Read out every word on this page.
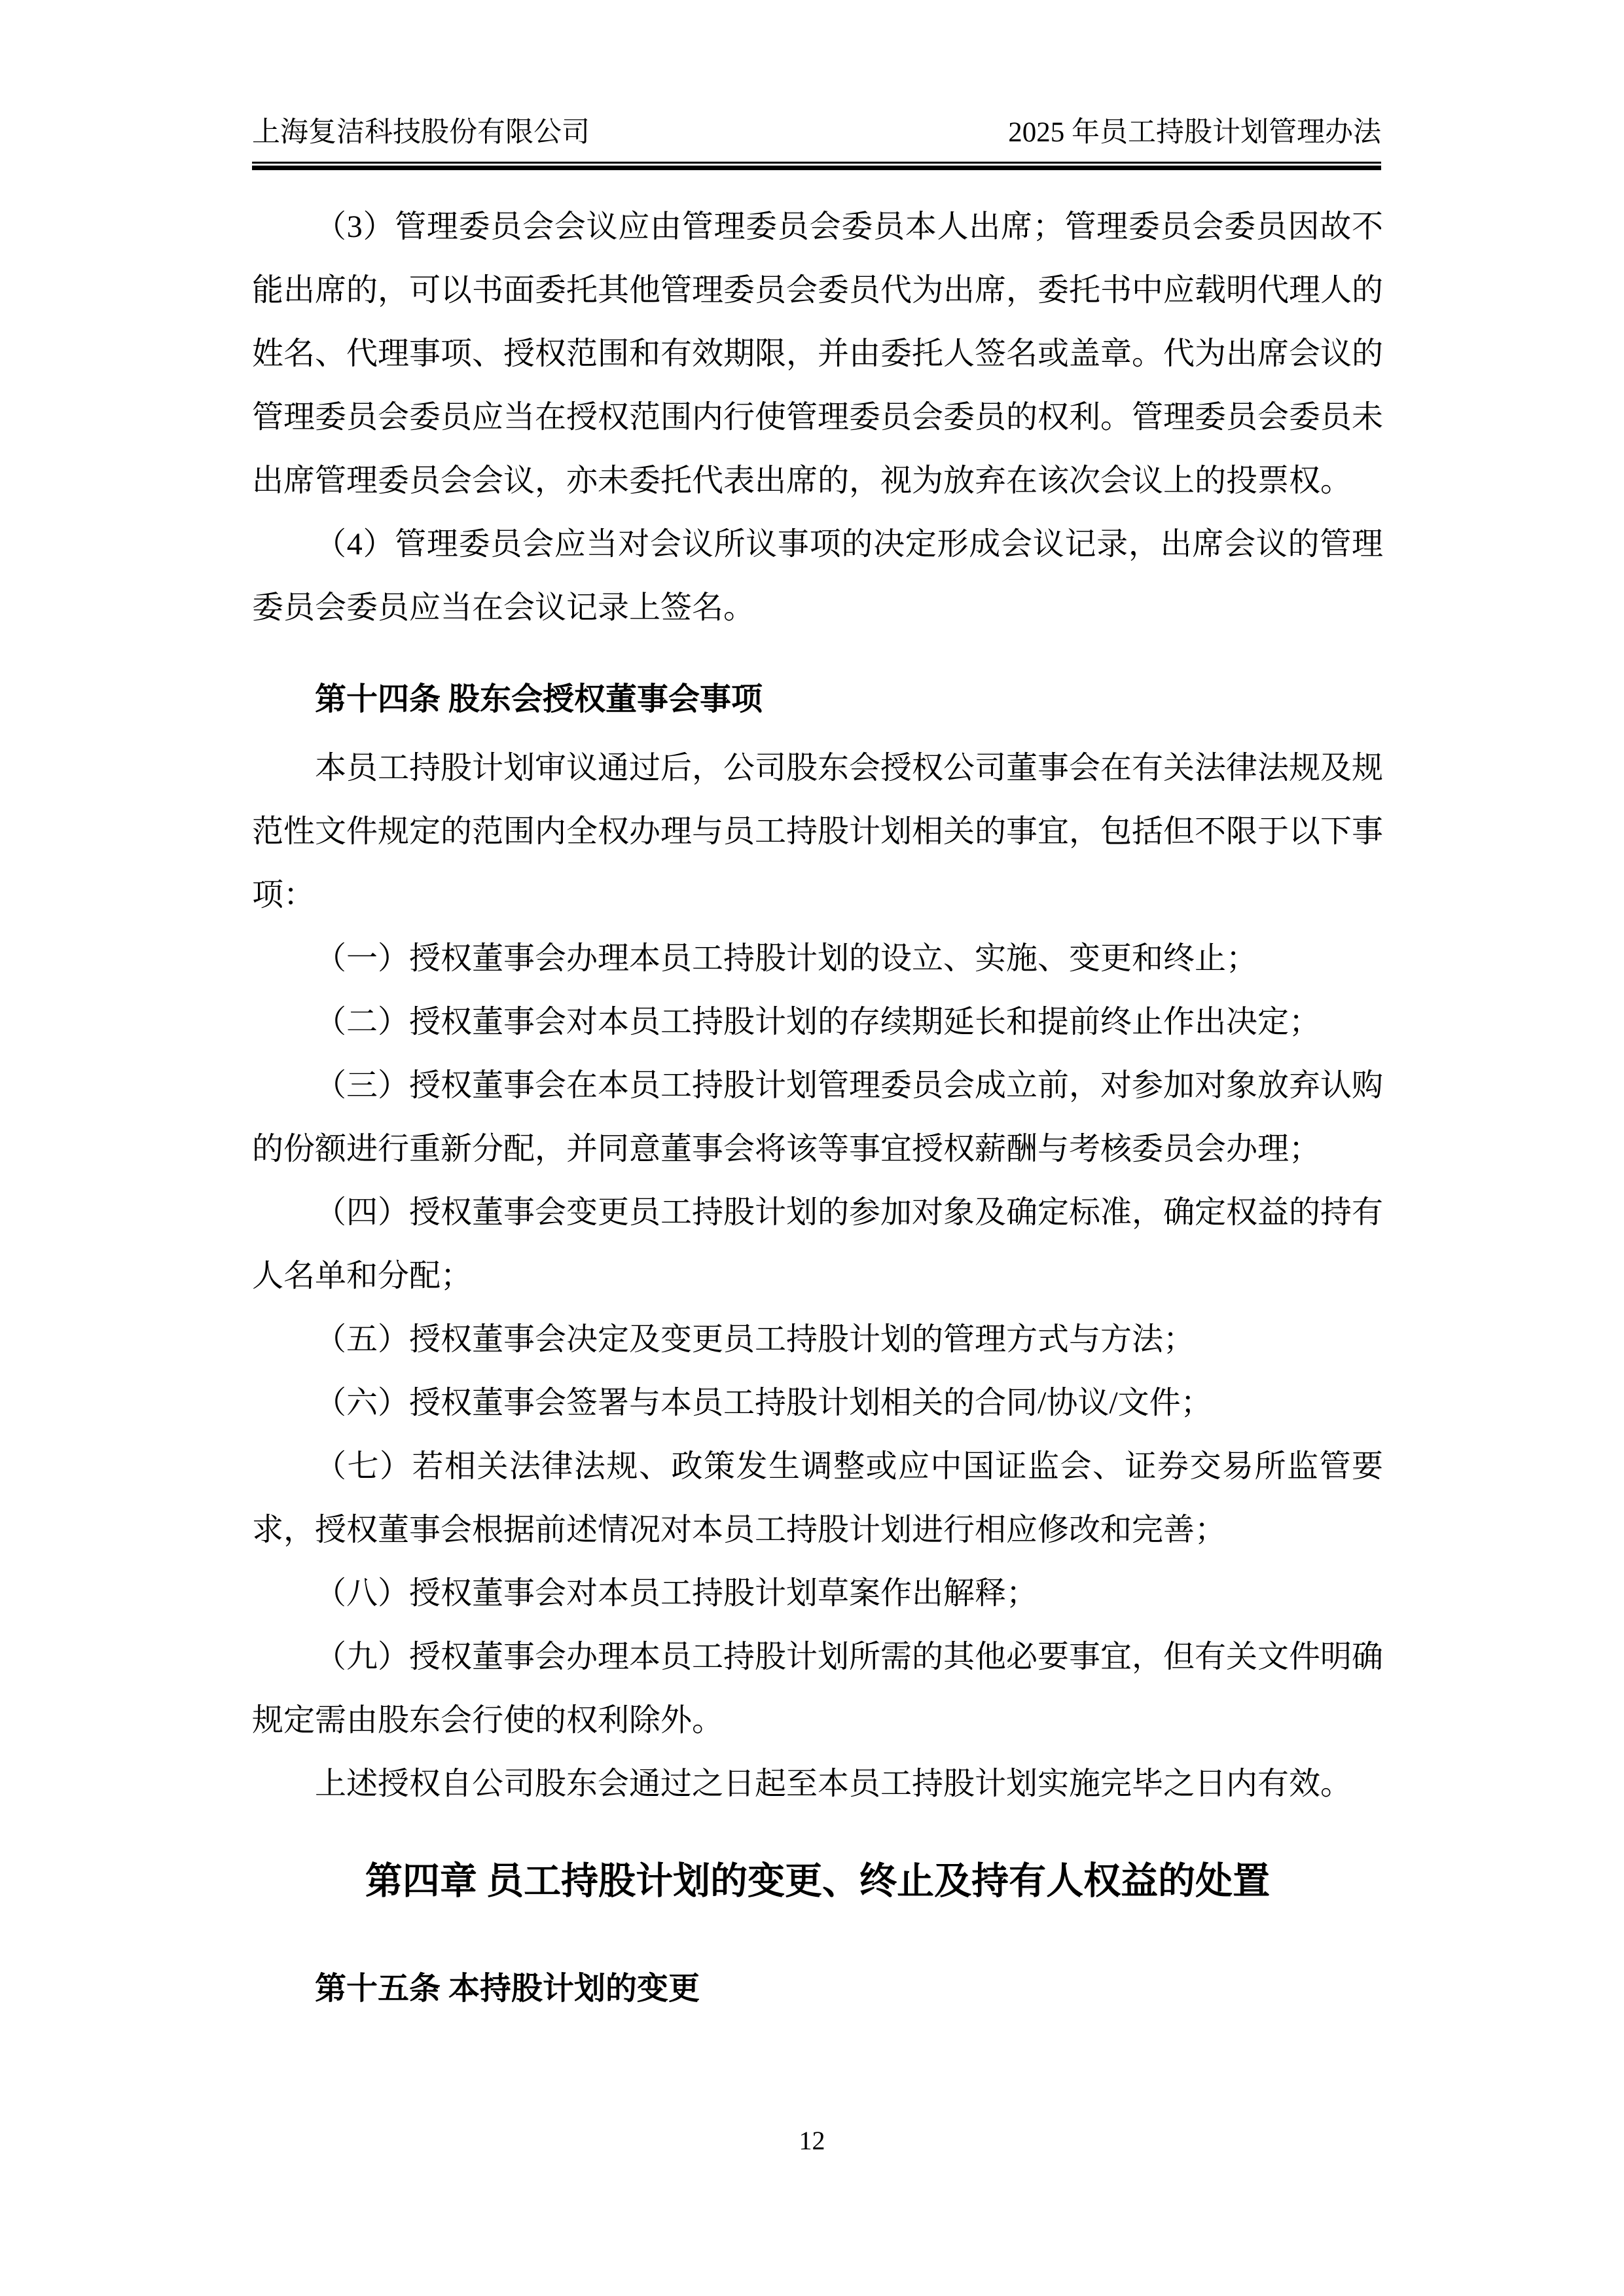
上海复洁科技股份有限公司	2025 年员工持股计划管理办法

（3）管理委员会会议应由管理委员会委员本人出席；管理委员会委员因故不能出席的，可以书面委托其他管理委员会委员代为出席，委托书中应载明代理人的姓名、代理事项、授权范围和有效期限，并由委托人签名或盖章。代为出席会议的管理委员会委员应当在授权范围内行使管理委员会委员的权利。管理委员会委员未出席管理委员会会议，亦未委托代表出席的，视为放弃在该次会议上的投票权。

（4）管理委员会应当对会议所议事项的决定形成会议记录，出席会议的管理委员会委员应当在会议记录上签名。

第十四条 股东会授权董事会事项

本员工持股计划审议通过后，公司股东会授权公司董事会在有关法律法规及规范性文件规定的范围内全权办理与员工持股计划相关的事宜，包括但不限于以下事项：

（一）授权董事会办理本员工持股计划的设立、实施、变更和终止；

（二）授权董事会对本员工持股计划的存续期延长和提前终止作出决定；

（三）授权董事会在本员工持股计划管理委员会成立前，对参加对象放弃认购的份额进行重新分配，并同意董事会将该等事宜授权薪酬与考核委员会办理；

（四）授权董事会变更员工持股计划的参加对象及确定标准，确定权益的持有人名单和分配；

（五）授权董事会决定及变更员工持股计划的管理方式与方法；

（六）授权董事会签署与本员工持股计划相关的合同/协议/文件；

（七）若相关法律法规、政策发生调整或应中国证监会、证券交易所监管要求，授权董事会根据前述情况对本员工持股计划进行相应修改和完善；

（八）授权董事会对本员工持股计划草案作出解释；

（九）授权董事会办理本员工持股计划所需的其他必要事宜，但有关文件明确规定需由股东会行使的权利除外。

上述授权自公司股东会通过之日起至本员工持股计划实施完毕之日内有效。

第四章 员工持股计划的变更、终止及持有人权益的处置

第十五条 本持股计划的变更

12
